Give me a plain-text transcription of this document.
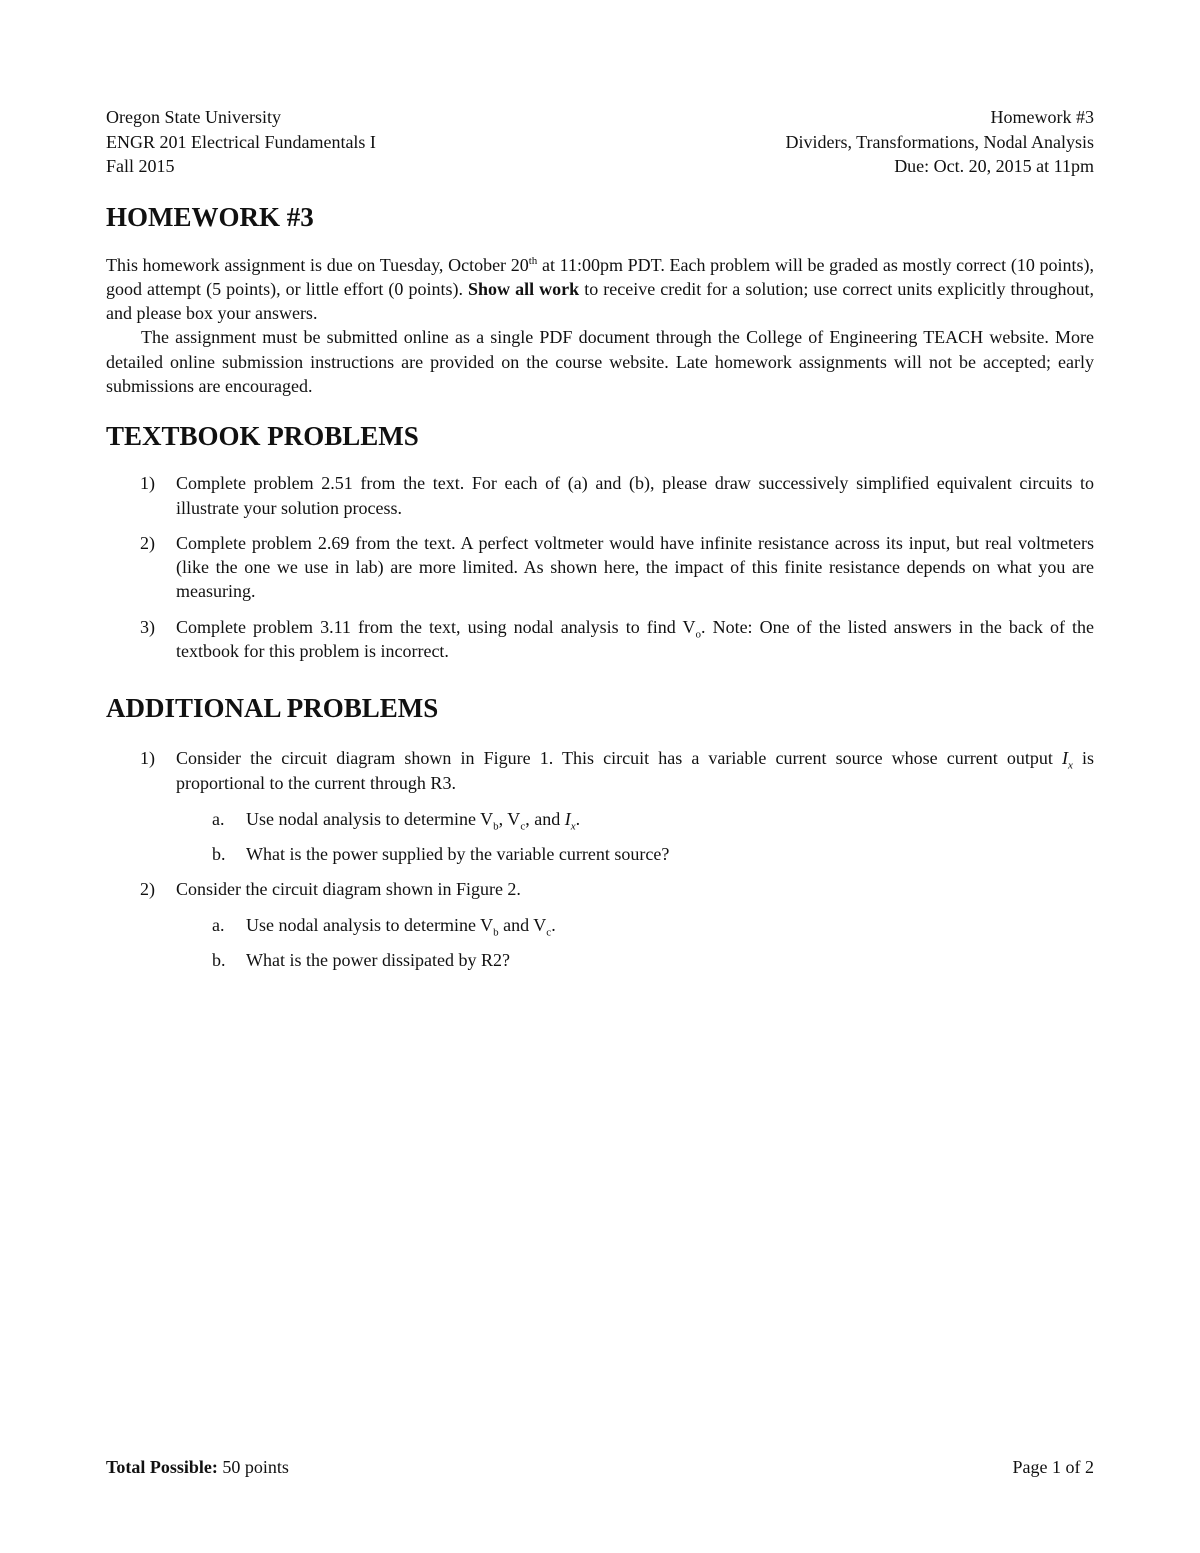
Oregon State University
ENGR 201 Electrical Fundamentals I
Fall 2015
Homework #3
Dividers, Transformations, Nodal Analysis
Due: Oct. 20, 2015 at 11pm
HOMEWORK #3

This homework assignment is due on Tuesday, October 20th at 11:00pm PDT. Each problem will be graded as mostly correct (10 points), good attempt (5 points), or little effort (0 points). Show all work to receive credit for a solution; use correct units explicitly throughout, and please box your answers.

The assignment must be submitted online as a single PDF document through the College of Engineering TEACH website. More detailed online submission instructions are provided on the course website. Late homework assignments will not be accepted; early submissions are encouraged.

TEXTBOOK PROBLEMS
1) Complete problem 2.51 from the text. For each of (a) and (b), please draw successively simplified equivalent circuits to illustrate your solution process.
2) Complete problem 2.69 from the text. A perfect voltmeter would have infinite resistance across its input, but real voltmeters (like the one we use in lab) are more limited. As shown here, the impact of this finite resistance depends on what you are measuring.
3) Complete problem 3.11 from the text, using nodal analysis to find $V_o$. Note: One of the listed answers in the back of the textbook for this problem is incorrect.
ADDITIONAL PROBLEMS
1) Consider the circuit diagram shown in Figure 1. This circuit has a variable current source whose current output $I_x$ is proportional to the current through R3.
a. Use nodal analysis to determine $V_b$, $V_c$, and $I_x$.
b. What is the power supplied by the variable current source?
2) Consider the circuit diagram shown in Figure 2.
a. Use nodal analysis to determine $V_b$ and $V_c$.
b. What is the power dissipated by R2?
Total Possible: 50 points	Page 1 of 2
